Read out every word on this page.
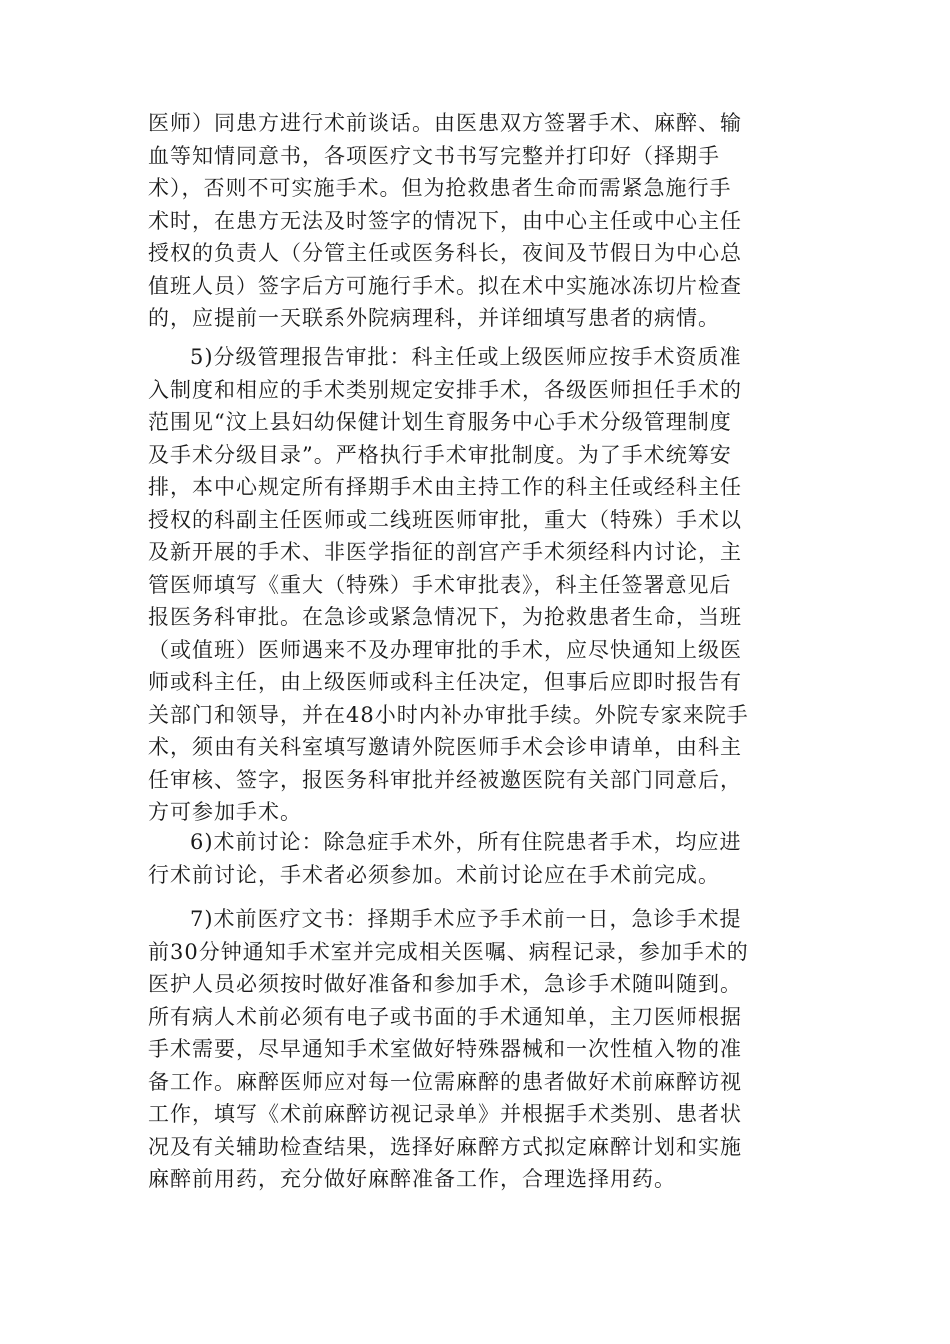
医师）同患方进行术前谈话。由医患双方签署手术、麻醉、输
血等知情同意书，各项医疗文书书写完整并打印好（择期手
术），否则不可实施手术。但为抢救患者生命而需紧急施行手
术时，在患方无法及时签字的情况下，由中心主任或中心主任
授权的负责人（分管主任或医务科长，夜间及节假日为中心总
值班人员）签字后方可施行手术。拟在术中实施冰冻切片检查
的，应提前一天联系外院病理科，并详细填写患者的病情。
5)分级管理报告审批：科主任或上级医师应按手术资质准
入制度和相应的手术类别规定安排手术，各级医师担任手术的
范围见“汶上县妇幼保健计划生育服务中心手术分级管理制度
及手术分级目录”。严格执行手术审批制度。为了手术统筹安
排，本中心规定所有择期手术由主持工作的科主任或经科主任
授权的科副主任医师或二线班医师审批，重大（特殊）手术以
及新开展的手术、非医学指征的剖宫产手术须经科内讨论，主
管医师填写《重大（特殊）手术审批表》，科主任签署意见后
报医务科审批。在急诊或紧急情况下，为抢救患者生命，当班
（或值班）医师遇来不及办理审批的手术，应尽快通知上级医
师或科主任，由上级医师或科主任决定，但事后应即时报告有
关部门和领导，并在48小时内补办审批手续。外院专家来院手
术，须由有关科室填写邀请外院医师手术会诊申请单，由科主
任审核、签字，报医务科审批并经被邀医院有关部门同意后，
方可参加手术。
6)术前讨论：除急症手术外，所有住院患者手术，均应进
行术前讨论，手术者必须参加。术前讨论应在手术前完成。
7)术前医疗文书：择期手术应予手术前一日，急诊手术提
前30分钟通知手术室并完成相关医嘱、病程记录，参加手术的
医护人员必须按时做好准备和参加手术，急诊手术随叫随到。
所有病人术前必须有电子或书面的手术通知单，主刀医师根据
手术需要，尽早通知手术室做好特殊器械和一次性植入物的准
备工作。麻醉医师应对每一位需麻醉的患者做好术前麻醉访视
工作，填写《术前麻醉访视记录单》并根据手术类别、患者状
况及有关辅助检查结果，选择好麻醉方式拟定麻醉计划和实施
麻醉前用药，充分做好麻醉准备工作，合理选择用药。
